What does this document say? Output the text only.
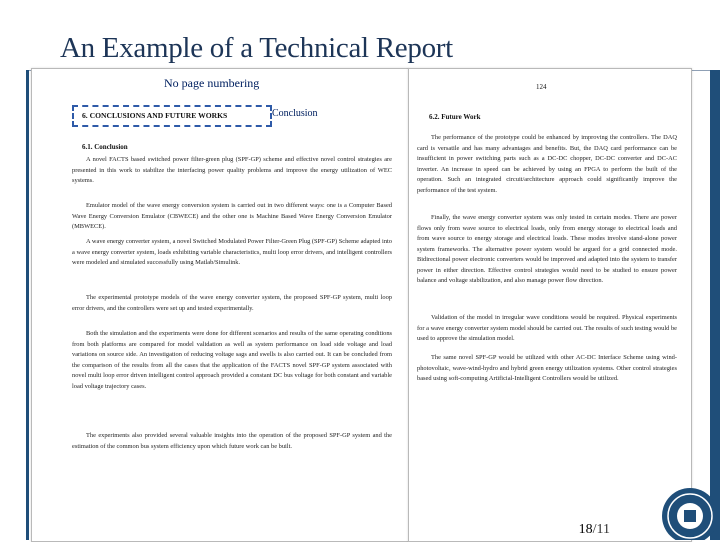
An Example of a Technical Report
No page numbering
6. CONCLUSIONS AND FUTURE WORKS	Conclusion
6.1. Conclusion

A novel FACTS based switched power filter-green plug (SPF-GP) scheme and effective novel control strategies are presented in this work to stabilize the interfacing power quality problems and improve the energy utilization of WEC systems.

Emulator model of the wave energy conversion system is carried out in two different ways: one is a Computer Based Wave Energy Conversion Emulator (CBWECE) and the other one is Machine Based Wave Energy Conversion Emulator (MBWECE).

A wave energy converter system, a novel Switched Modulated Power Filter-Green Plug (SPF-GP) Scheme adapted into a wave energy converter system, loads exhibiting variable characteristics, multi loop error drivers, and intelligent controllers were modeled and simulated successfully using Matlab/Simulink.

The experimental prototype models of the wave energy converter system, the proposed SPF-GP system, multi loop error drivers, and the controllers were set up and tested experimentally.

Both the simulation and the experiments were done for different scenarios and results of the same operating conditions from both platforms are compared for model validation as well as system performance on load side voltage and load variations on source side. An investigation of reducing voltage sags and swells is also carried out. It can be concluded from the comparison of the results from all the cases that the application of the FACTS novel SPF-GP system associated with novel multi loop error driven intelligent control approach provided a constant DC bus voltage for both constant and variable load voltage trajectory cases.

The experiments also provided several valuable insights into the operation of the proposed SPF-GP system and the estimation of the common bus system efficiency upon which future work can be built.

124
6.2. Future Work

The performance of the prototype could be enhanced by improving the controllers. The DAQ card is versatile and has many advantages and benefits. But, the DAQ card performance can be insufficient in power switching parts such as a DC-DC chopper, DC-DC converter and DC-AC inverter. An increase in speed can be achieved by using an FPGA to perform the built of the operation. Such an integrated circuit/architecture approach could significantly improve the performance of the test system.

Finally, the wave energy converter system was only tested in certain modes. There are power flows only from wave source to electrical loads, only from energy storage to electrical loads and from wave source to energy storage and electrical loads. These modes involve stand-alone power system frameworks. The alternative power system would be argued for a grid connected mode. Bidirectional power electronic converters would be improved and adapted into the system to transfer power in either direction. Effective control strategies would need to be studied to ensure power balance and voltage stabilization, and also manage power flow direction.

Validation of the model in irregular wave conditions would be required. Physical experiments for a wave energy converter system model should be carried out. The results of such testing would be used to approve the simulation model.

The same novel SPF-GP would be utilized with other AC-DC Interface Scheme using wind-photovoltaic, wave-wind-hydro and hybrid green energy utilization systems. Other control strategies based using soft-computing Artificial-Intelligent Controllers would be utilized.

18/11
